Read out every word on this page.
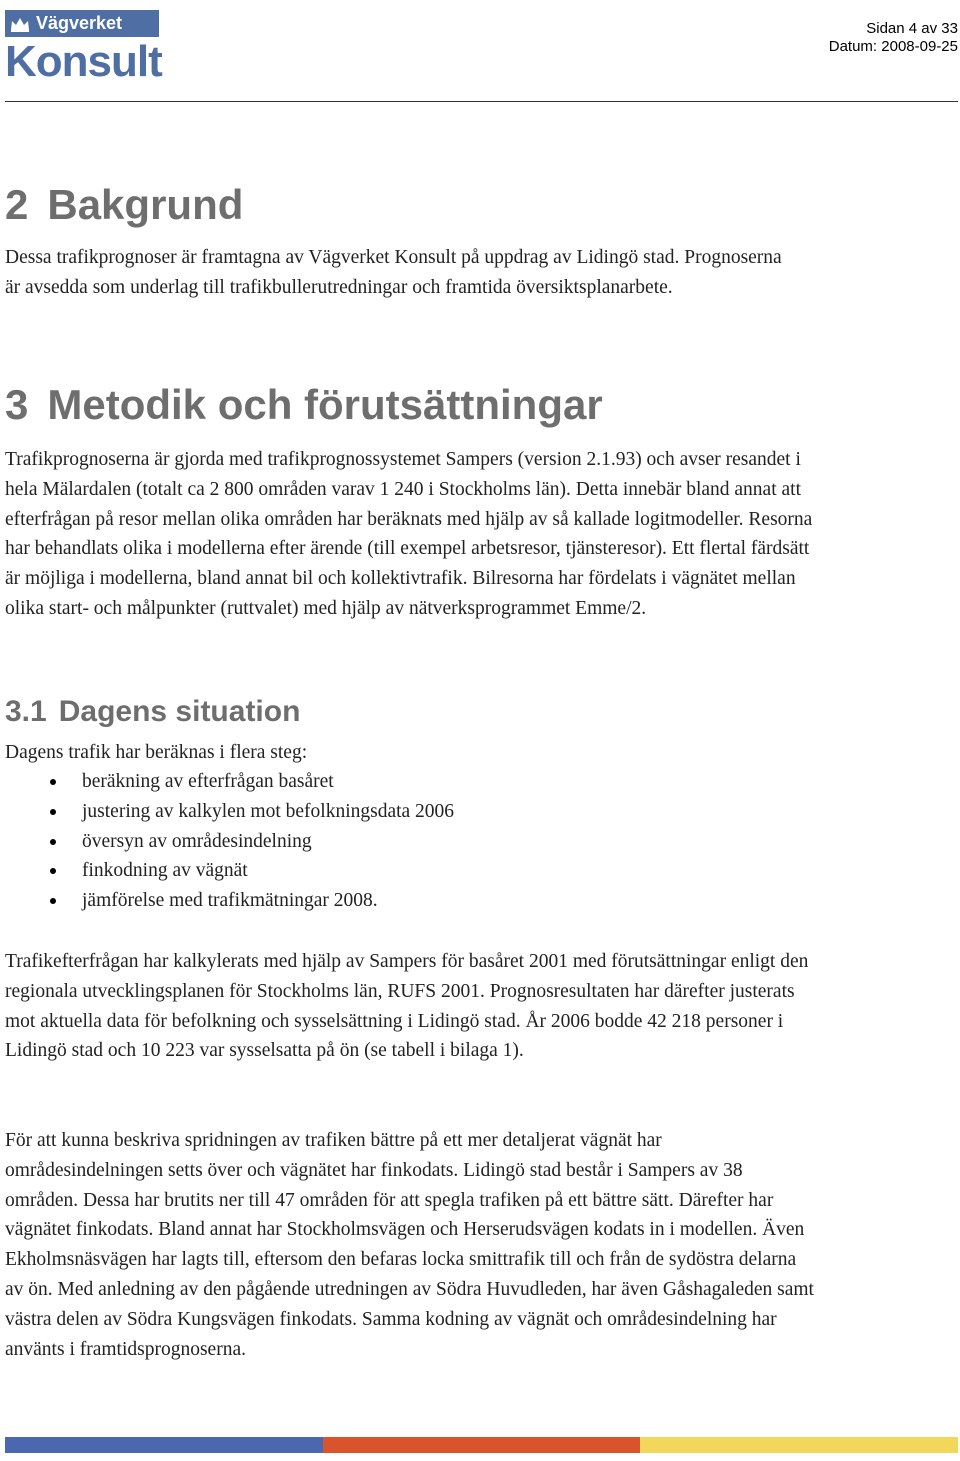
Vägverket
Konsult
Sidan 4 av 33
Datum: 2008-09-25
2 Bakgrund

Dessa trafikprognoser är framtagna av Vägverket Konsult på uppdrag av Lidingö stad. Prognoserna är avsedda som underlag till trafikbullerutredningar och framtida översiktsplanarbete.

3 Metodik och förutsättningar

Trafikprognoserna är gjorda med trafikprognossystemet Sampers (version 2.1.93) och avser resandet i hela Mälardalen (totalt ca 2 800 områden varav 1 240 i Stockholms län). Detta innebär bland annat att efterfrågan på resor mellan olika områden har beräknats med hjälp av så kallade logitmodeller. Resorna har behandlats olika i modellerna efter ärende (till exempel arbetsresor, tjänsteresor). Ett flertal färdsätt är möjliga i modellerna, bland annat bil och kollektivtrafik. Bilresorna har fördelats i vägnätet mellan olika start- och målpunkter (ruttvalet) med hjälp av nätverksprogrammet Emme/2.

3.1 Dagens situation

Dagens trafik har beräknas i flera steg:

beräkning av efterfrågan basåret
justering av kalkylen mot befolkningsdata 2006
översyn av områdesindelning
finkodning av vägnät
jämförelse med trafikmätningar 2008.

Trafikefterfrågan har kalkylerats med hjälp av Sampers för basåret 2001 med förutsättningar enligt den regionala utvecklingsplanen för Stockholms län, RUFS 2001. Prognosresultaten har därefter justerats mot aktuella data för befolkning och sysselsättning i Lidingö stad. År 2006 bodde 42 218 personer i Lidingö stad och 10 223 var sysselsatta på ön (se tabell i bilaga 1).

För att kunna beskriva spridningen av trafiken bättre på ett mer detaljerat vägnät har områdesindelningen setts över och vägnätet har finkodats. Lidingö stad består i Sampers av 38 områden. Dessa har brutits ner till 47 områden för att spegla trafiken på ett bättre sätt. Därefter har vägnätet finkodats. Bland annat har Stockholmsvägen och Herserudsvägen kodats in i modellen. Även Ekholmsnäsvägen har lagts till, eftersom den befaras locka smittrafik till och från de sydöstra delarna av ön. Med anledning av den pågående utredningen av Södra Huvudleden, har även Gåshagaleden samt västra delen av Södra Kungsvägen finkodats. Samma kodning av vägnät och områdesindelning har använts i framtidsprognoserna.
